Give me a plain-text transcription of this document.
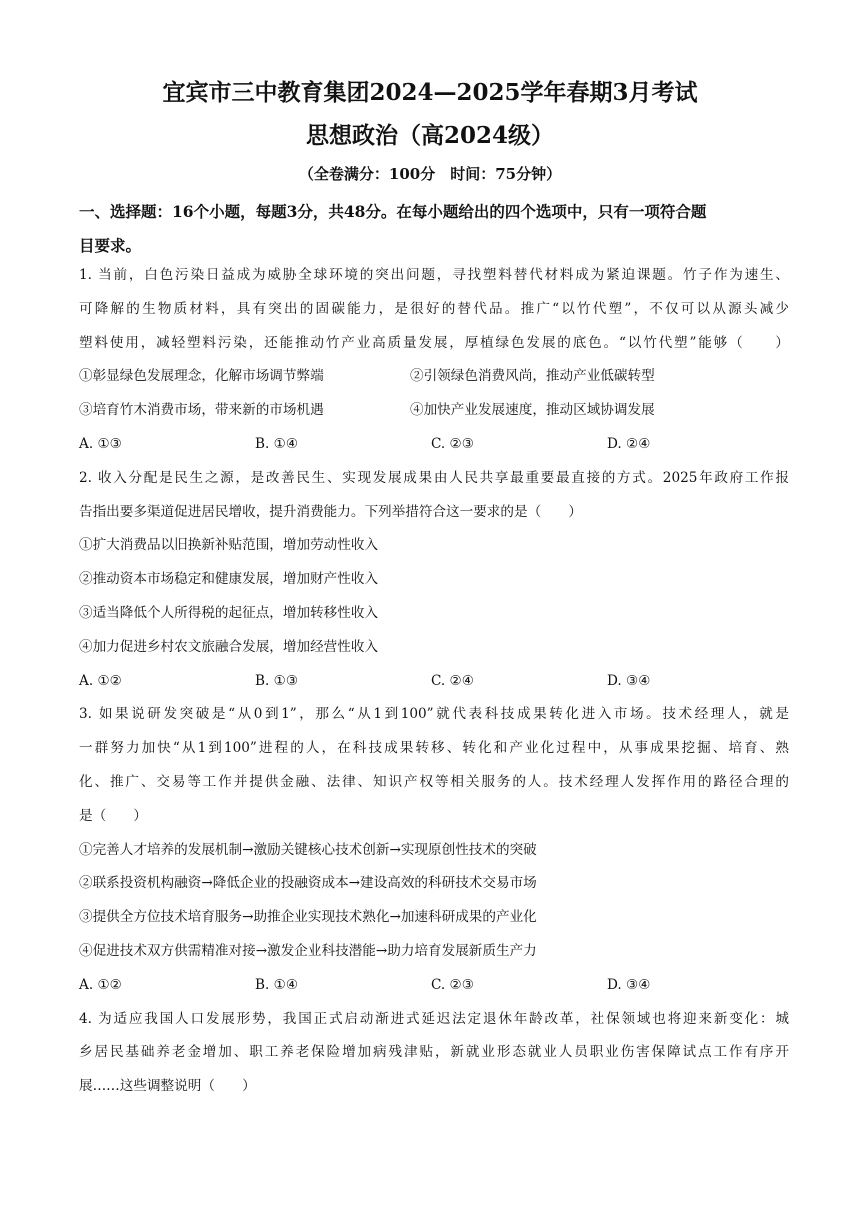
宜宾市三中教育集团2024—2025学年春期3月考试
思想政治（高2024级）
（全卷满分：100分　时间：75分钟）
一、选择题：16个小题，每题3分，共48分。在每小题给出的四个选项中，只有一项符合题
目要求。
1. 当前，白色污染日益成为威胁全球环境的突出问题，寻找塑料替代材料成为紧迫课题。竹子作为速生、
可降解的生物质材料，具有突出的固碳能力，是很好的替代品。推广“以竹代塑”，不仅可以从源头减少
塑料使用，减轻塑料污染，还能推动竹产业高质量发展，厚植绿色发展的底色。“以竹代塑”能够（　　）
①彰显绿色发展理念，化解市场调节弊端	②引领绿色消费风尚，推动产业低碳转型
③培育竹木消费市场，带来新的市场机遇	④加快产业发展速度，推动区域协调发展
A. ①③	B. ①④	C. ②③	D. ②④
2. 收入分配是民生之源，是改善民生、实现发展成果由人民共享最重要最直接的方式。2025年政府工作报
告指出要多渠道促进居民增收，提升消费能力。下列举措符合这一要求的是（　　）
①扩大消费品以旧换新补贴范围，增加劳动性收入
②推动资本市场稳定和健康发展，增加财产性收入
③适当降低个人所得税的起征点，增加转移性收入
④加力促进乡村农文旅融合发展，增加经营性收入
A. ①②	B. ①③	C. ②④	D. ③④
3. 如果说研发突破是“从0到1”，那么“从1到100”就代表科技成果转化进入市场。技术经理人，就是
一群努力加快“从1到100”进程的人，在科技成果转移、转化和产业化过程中，从事成果挖掘、培育、熟
化、推广、交易等工作并提供金融、法律、知识产权等相关服务的人。技术经理人发挥作用的路径合理的
是（　　）
①完善人才培养的发展机制→激励关键核心技术创新→实现原创性技术的突破
②联系投资机构融资→降低企业的投融资成本→建设高效的科研技术交易市场
③提供全方位技术培育服务→助推企业实现技术熟化→加速科研成果的产业化
④促进技术双方供需精准对接→激发企业科技潜能→助力培育发展新质生产力
A. ①②	B. ①④	C. ②③	D. ③④
4. 为适应我国人口发展形势，我国正式启动渐进式延迟法定退休年龄改革，社保领域也将迎来新变化：城
乡居民基础养老金增加、职工养老保险增加病残津贴，新就业形态就业人员职业伤害保障试点工作有序开
展……这些调整说明（　　）
